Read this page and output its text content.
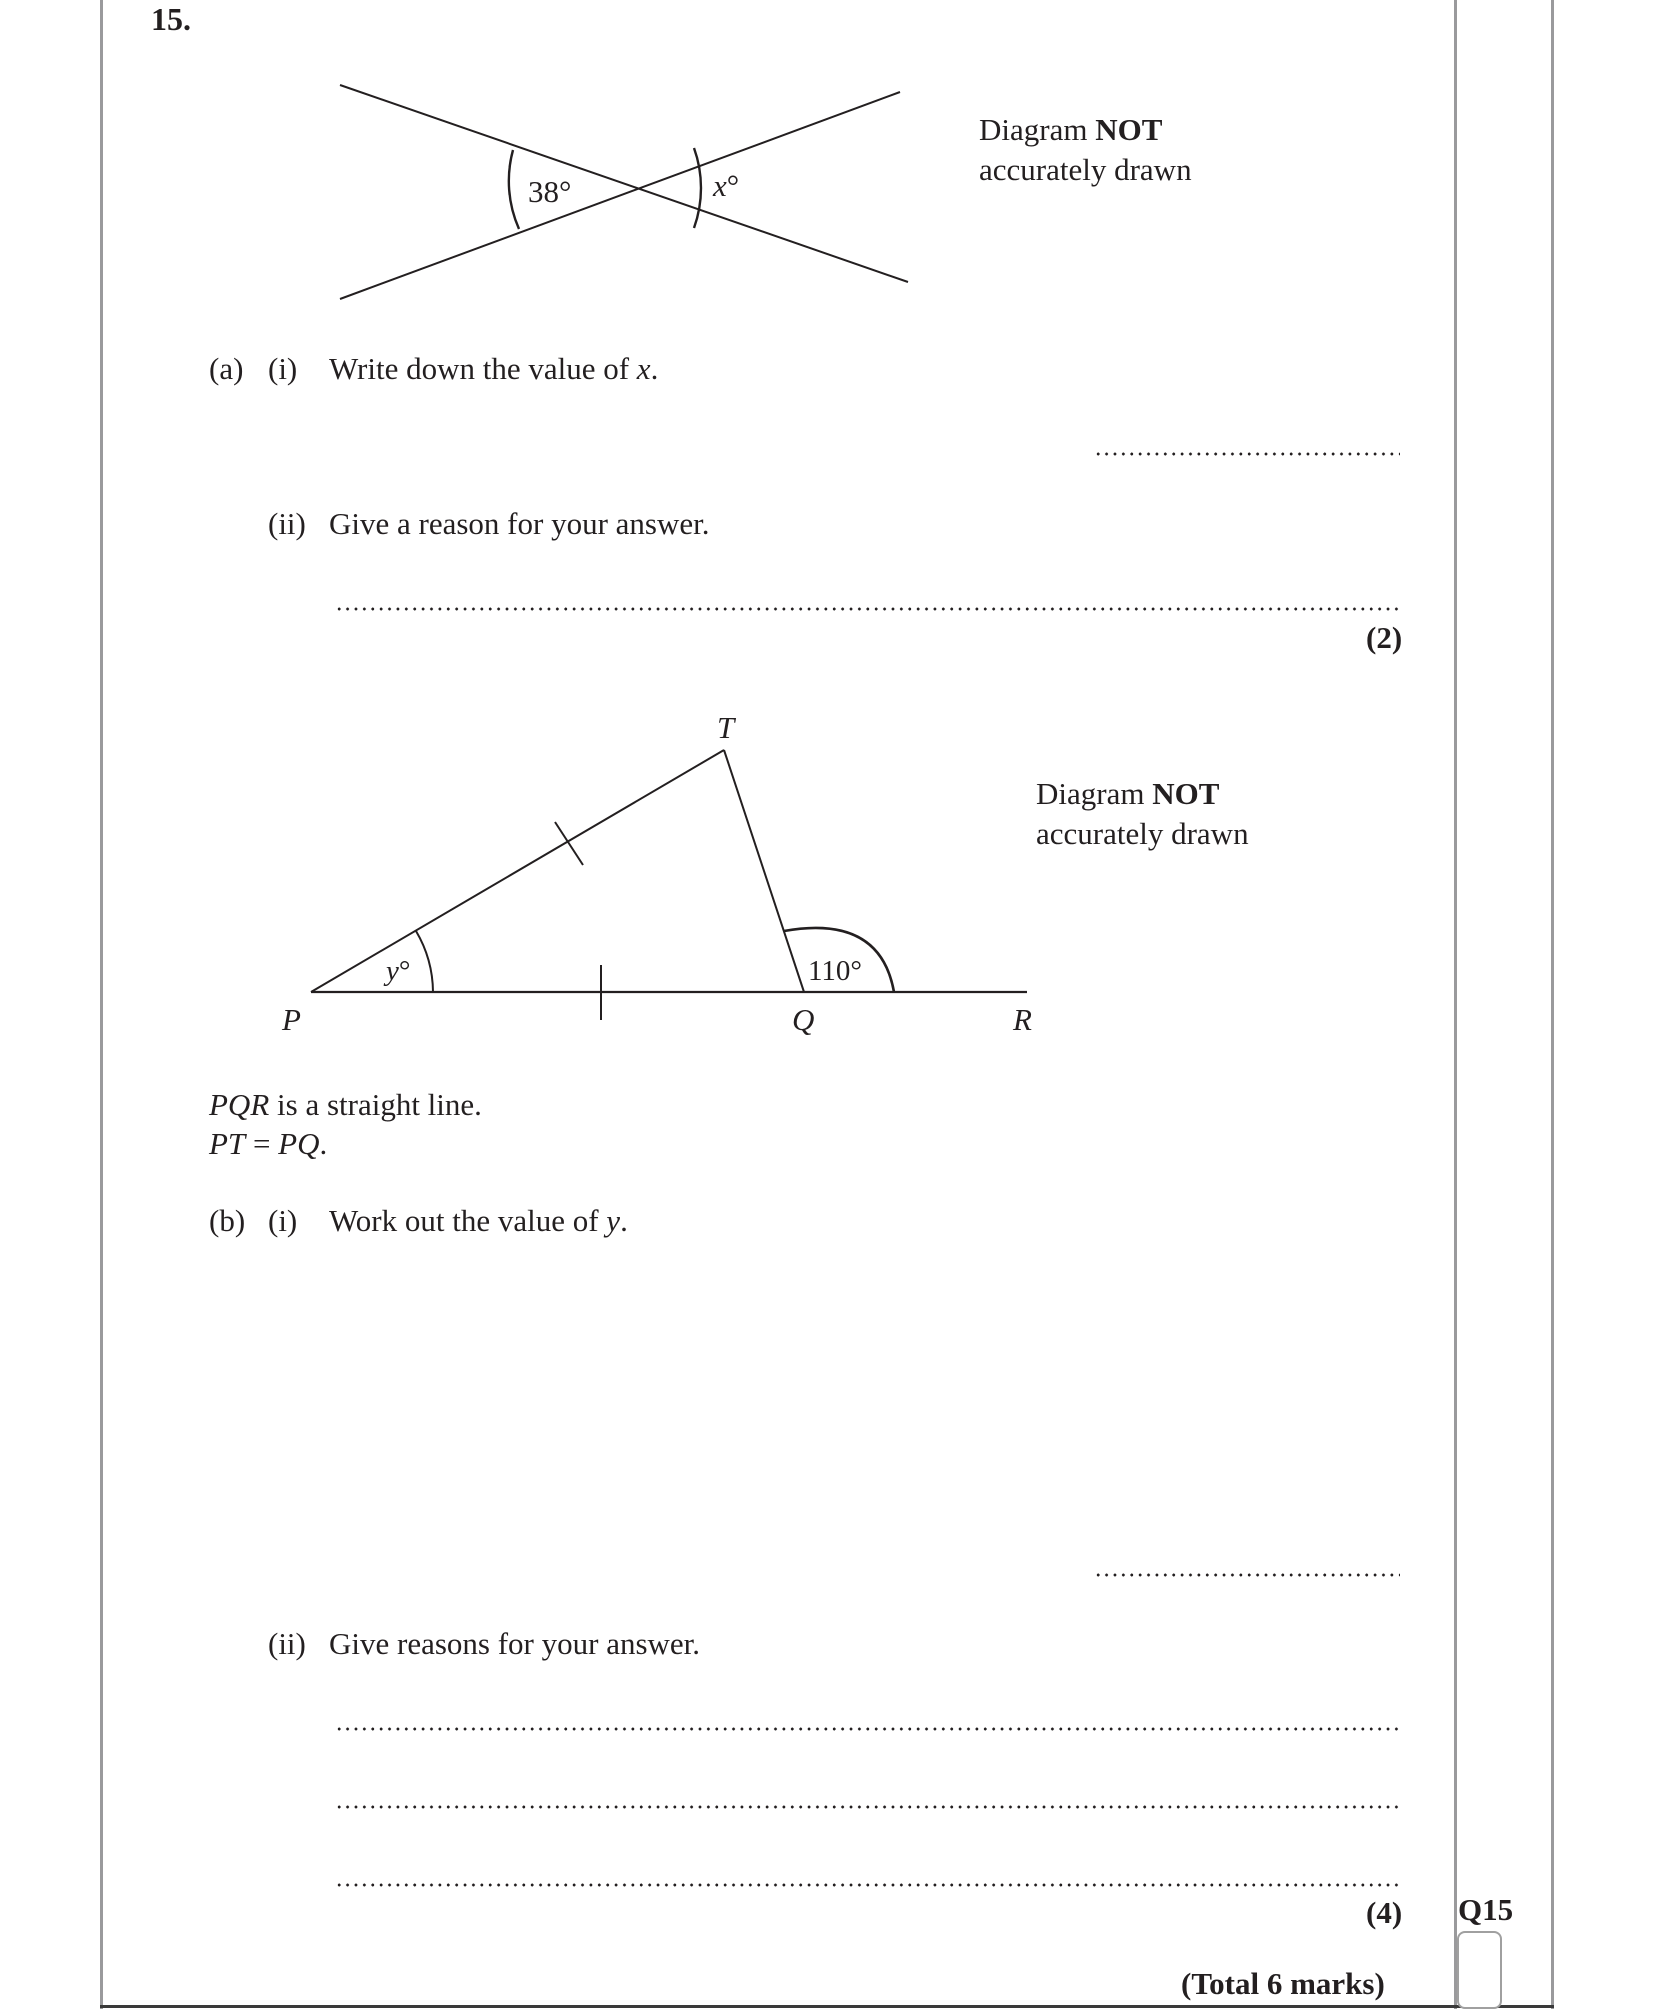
15.
38°	x°
Diagram NOT
accurately drawn
(a) (i) Write down the value of x.
(ii) Give a reason for your answer.
(2)
T
P	Q	R
y°	110°
Diagram NOT
accurately drawn
PQR is a straight line.
PT = PQ.
(b) (i) Work out the value of y.
(ii) Give reasons for your answer.
(4) Q15
(Total 6 marks)
